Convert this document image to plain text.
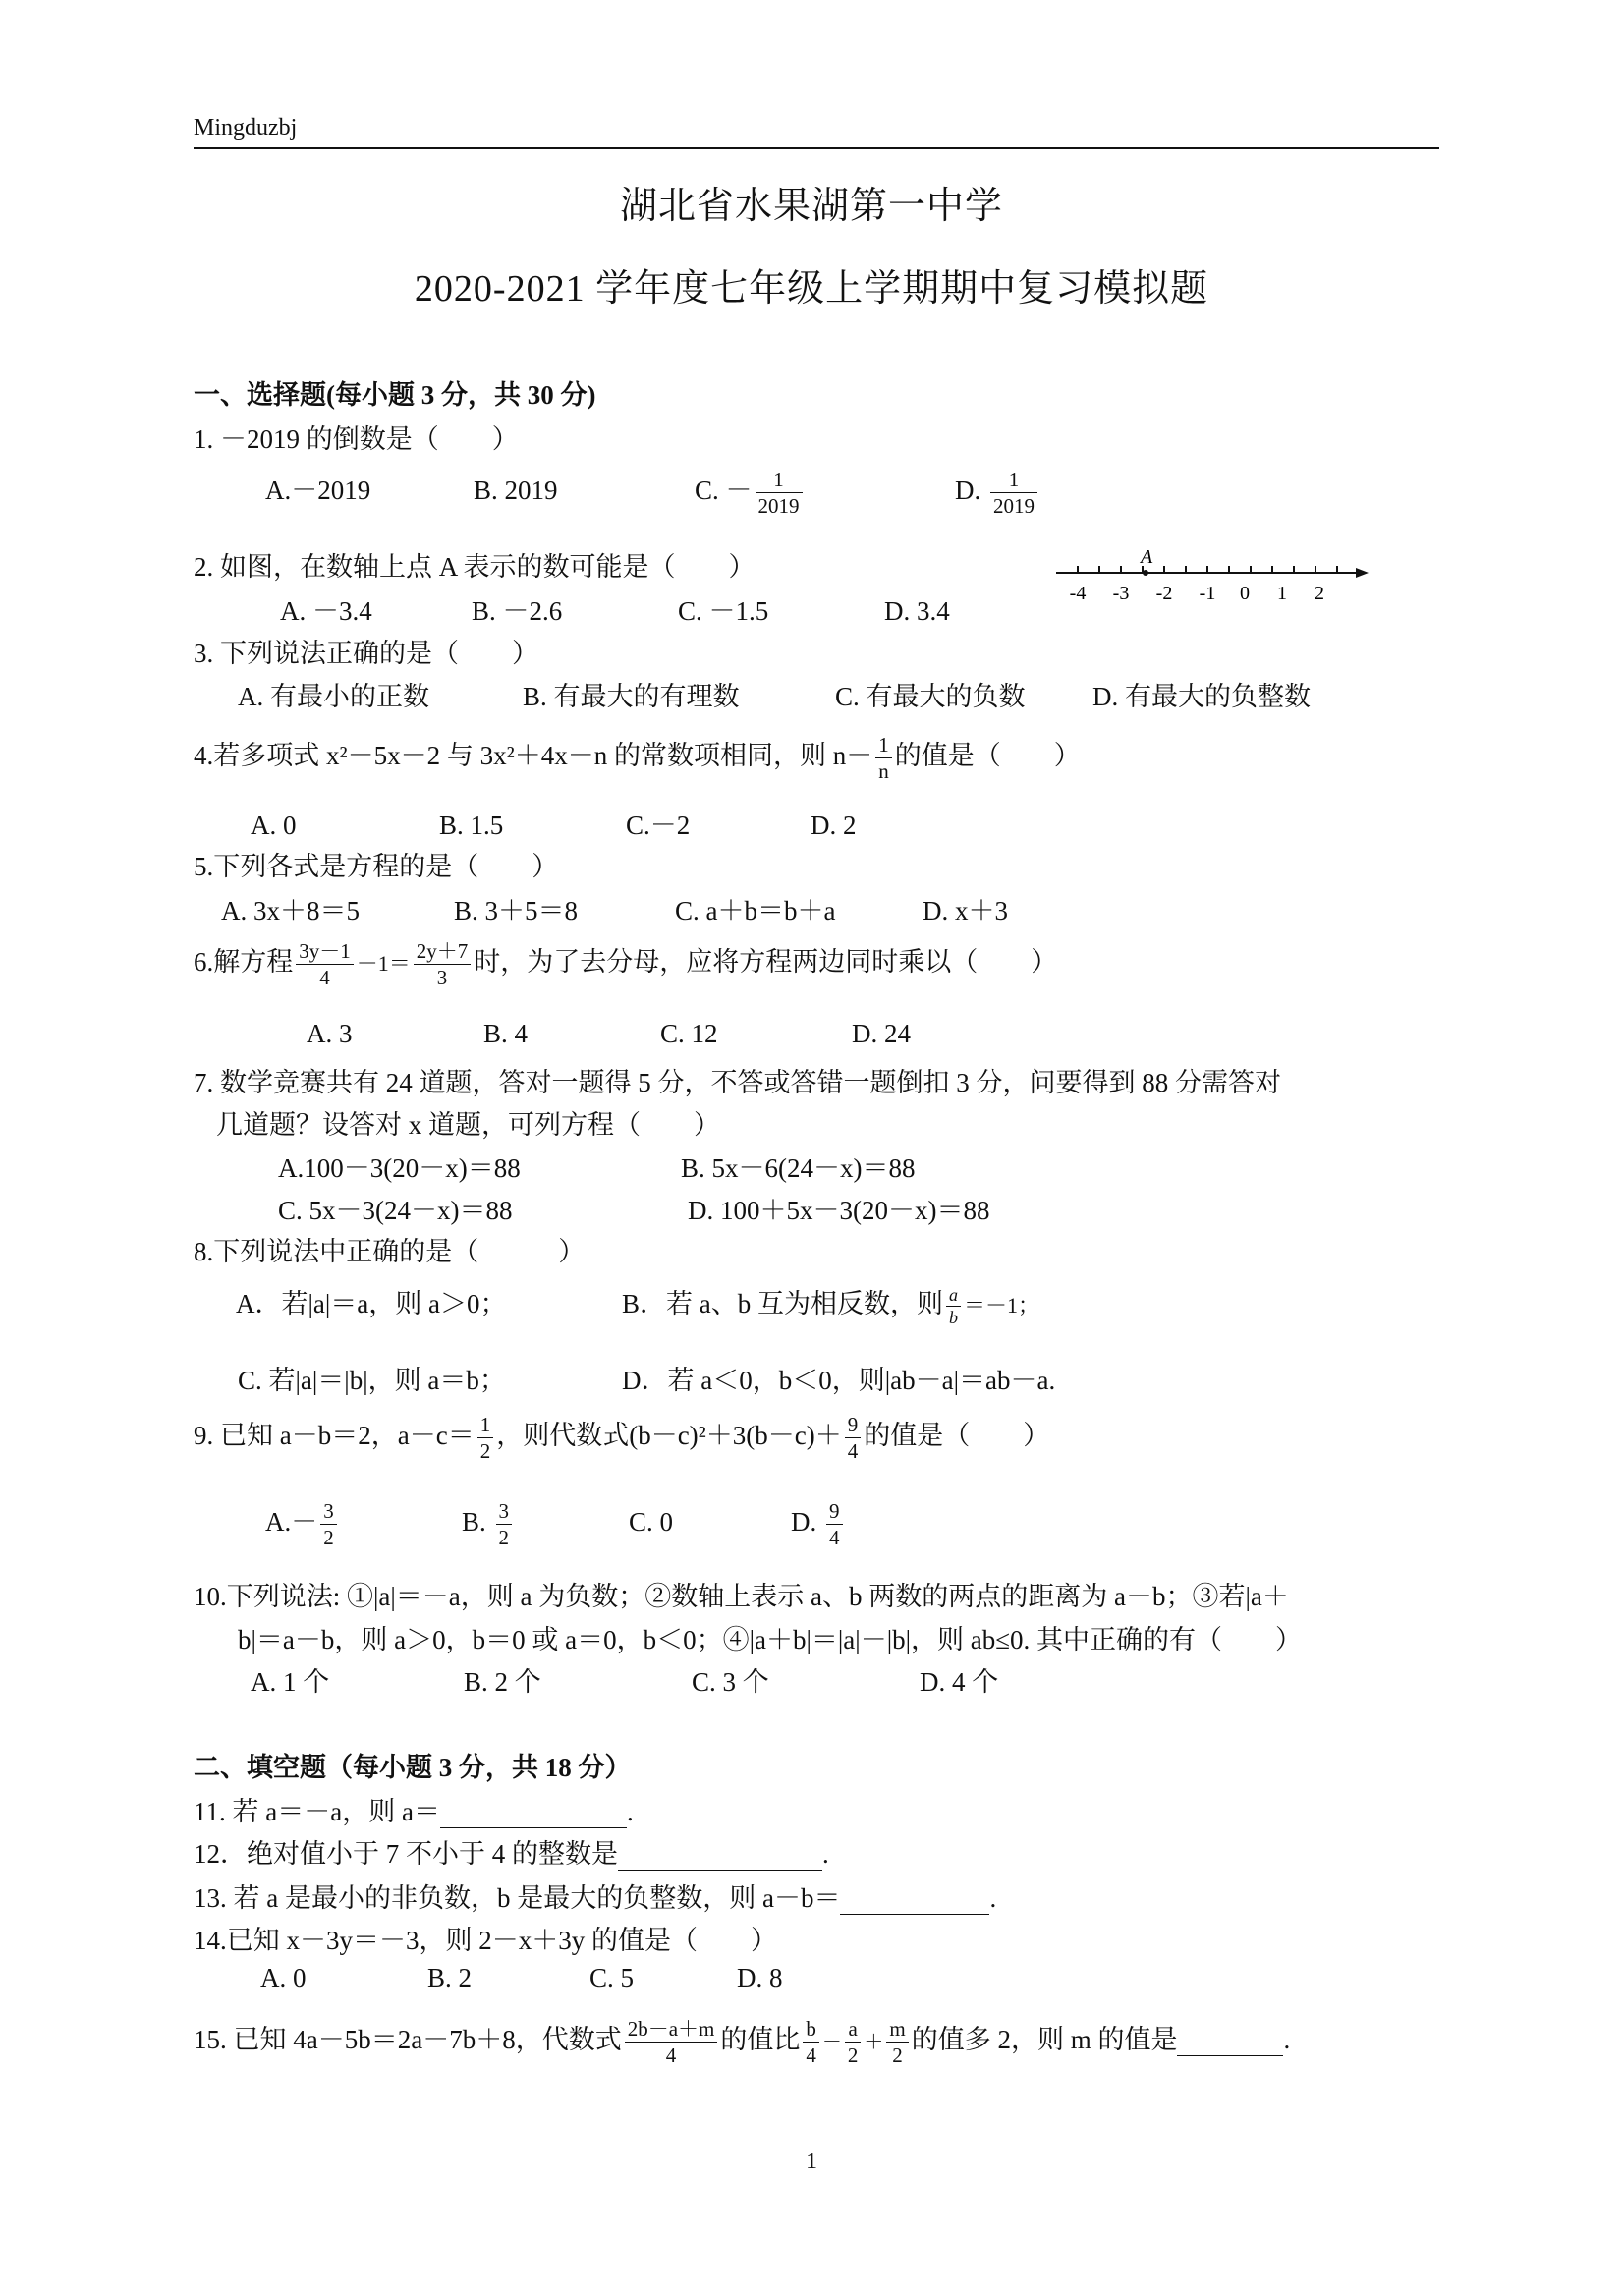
Mingduzbj
湖北省水果湖第一中学
2020-2021 学年度七年级上学期期中复习模拟题
一、选择题(每小题 3 分，共 30 分)
1. －2019 的倒数是（　　）
A.－2019	B. 2019	C. － $\frac{1}{2019}$	D. $\frac{1}{2019}$
2. 如图，在数轴上点 A 表示的数可能是（　　）
A. －3.4	B. －2.6	C. －1.5	D. 3.4
A
-4 -3 -2 -1 0 1 2
3. 下列说法正确的是（　　）
A. 有最小的正数	B. 有最大的有理数	C. 有最大的负数	D. 有最大的负整数
4.若多项式 x²－5x－2 与 3x²＋4x－n 的常数项相同，则 $n- \frac{1}{n}$ 的值是（　　）
A. 0	B. 1.5	C.－2	D. 2
5.下列各式是方程的是（　　）
A. 3x＋8＝5	B. 3＋5＝8	C. a＋b＝b＋a	D. x＋3
6.解方程 $\frac{3y-1}{4} -1= \frac{2y+7}{3}$ 时，为了去分母，应将方程两边同时乘以（　　）
A. 3	B. 4	C. 12	D. 24
7. 数学竞赛共有 24 道题，答对一题得 5 分，不答或答错一题倒扣 3 分，问要得到 88 分需答对
几道题？设答对 x 道题，可列方程（　　）
A.100－3(20－x)＝88	B. 5x－6(24－x)＝88
C. 5x－3(24－x)＝88	D. 100＋5x－3(20－x)＝88
8.下列说法中正确的是（　　　）
A．若|a|＝a，则 a＞0；	B．若 a、b 互为相反数，则 $\frac{a}{b} =-1$；
C. 若|a|＝|b|，则 a＝b；	D．若 a＜0，b＜0，则|ab－a|＝ab－a.
9. 已知 a－b＝2，$a-c= \frac{1}{2}$ ，则代数式$(b-c)^2+3(b-c)+ \frac{9}{4}$ 的值是（　　）
$A.- \frac{3}{2}$	B. $\frac{3}{2}$	C. 0	D. $\frac{9}{4}$
10.下列说法: ①|a|＝－a，则 a 为负数；②数轴上表示 a、b 两数的两点的距离为 a－b；③若|a＋
b|＝a－b，则 a＞0，b＝0 或 a＝0，b＜0；④|a＋b|＝|a|－|b|，则 ab≤0. 其中正确的有（　　）
A. 1 个	B. 2 个	C. 3 个	D. 4 个
二、填空题（每小题 3 分，共 18 分）
11. 若 a＝－a，则 a＝	.
12．绝对值小于 7 不小于 4 的整数是	.
13. 若 a 是最小的非负数，b 是最大的负整数，则 a－b＝	.
14.已知 x－3y＝－3，则 2－x＋3y 的值是（　　）
A. 0	B. 2	C. 5	D. 8
15. 已知 4a－5b＝2a－7b＋8，代数式 $\frac{2b-a+m}{4}$ 的值比 $\frac{b}{4} - \frac{a}{2} + \frac{m}{2}$ 的值多 2，则 m 的值是	.
1
